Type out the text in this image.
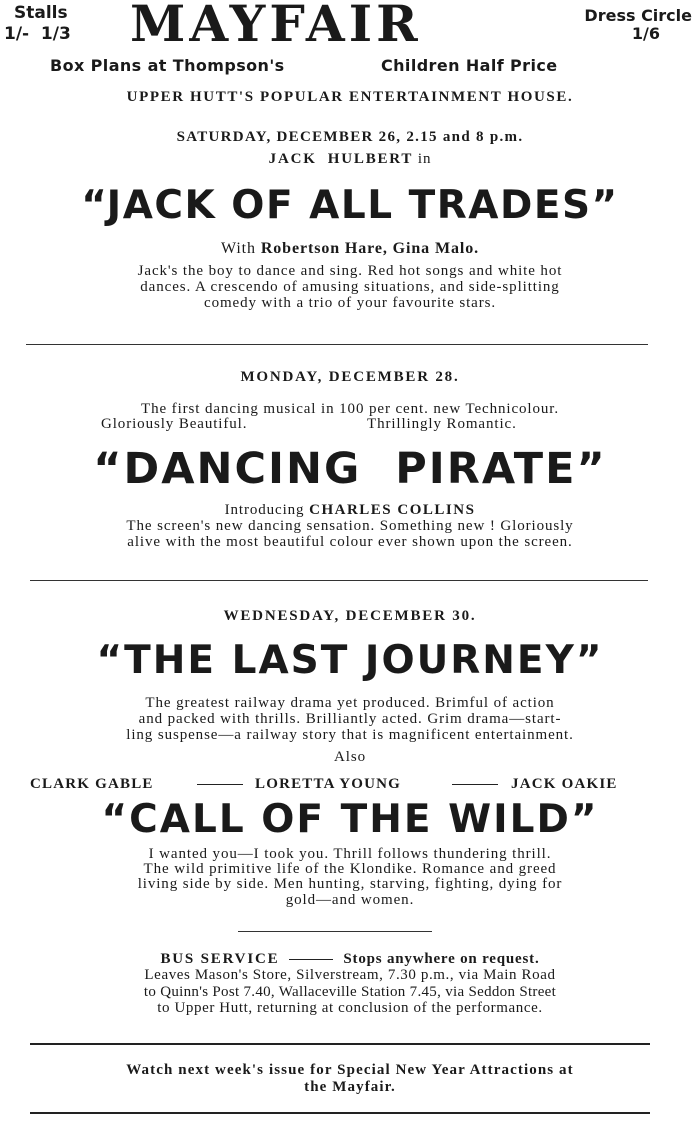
Stalls
1/-  1/3 MAYFAIR	Dress Circle
1/6
Box Plans at Thompson's	Children Half Price
UPPER HUTT'S POPULAR ENTERTAINMENT HOUSE.
SATURDAY, DECEMBER 26, 2.15 and 8 p.m.
JACK  HULBERT in
“JACK OF ALL TRADES”
With Robertson Hare, Gina Malo.
Jack's the boy to dance and sing. Red hot songs and white hot
dances. A crescendo of amusing situations, and side-splitting
comedy with a trio of your favourite stars.
MONDAY, DECEMBER 28.
The first dancing musical in 100 per cent. new Technicolour.
Gloriously Beautiful.	Thrillingly Romantic.
“DANCING  PIRATE”
Introducing CHARLES COLLINS
The screen's new dancing sensation. Something new ! Gloriously
alive with the most beautiful colour ever shown upon the screen.
WEDNESDAY, DECEMBER 30.
“THE LAST JOURNEY”
The greatest railway drama yet produced. Brimful of action
and packed with thrills. Brilliantly acted. Grim drama—start-
ling suspense—a railway story that is magnificent entertainment.
Also
CLARK GABLE	LORETTA YOUNG	JACK OAKIE
“CALL OF THE WILD”
I wanted you—I took you. Thrill follows thundering thrill.
The wild primitive life of the Klondike. Romance and greed
living side by side. Men hunting, starving, fighting, dying for
gold—and women.
BUS SERVICE	Stops anywhere on request.
Leaves Mason's Store, Silverstream, 7.30 p.m., via Main Road
to Quinn's Post 7.40, Wallaceville Station 7.45, via Seddon Street
to Upper Hutt, returning at conclusion of the performance.
Watch next week's issue for Special New Year Attractions at
the Mayfair.
